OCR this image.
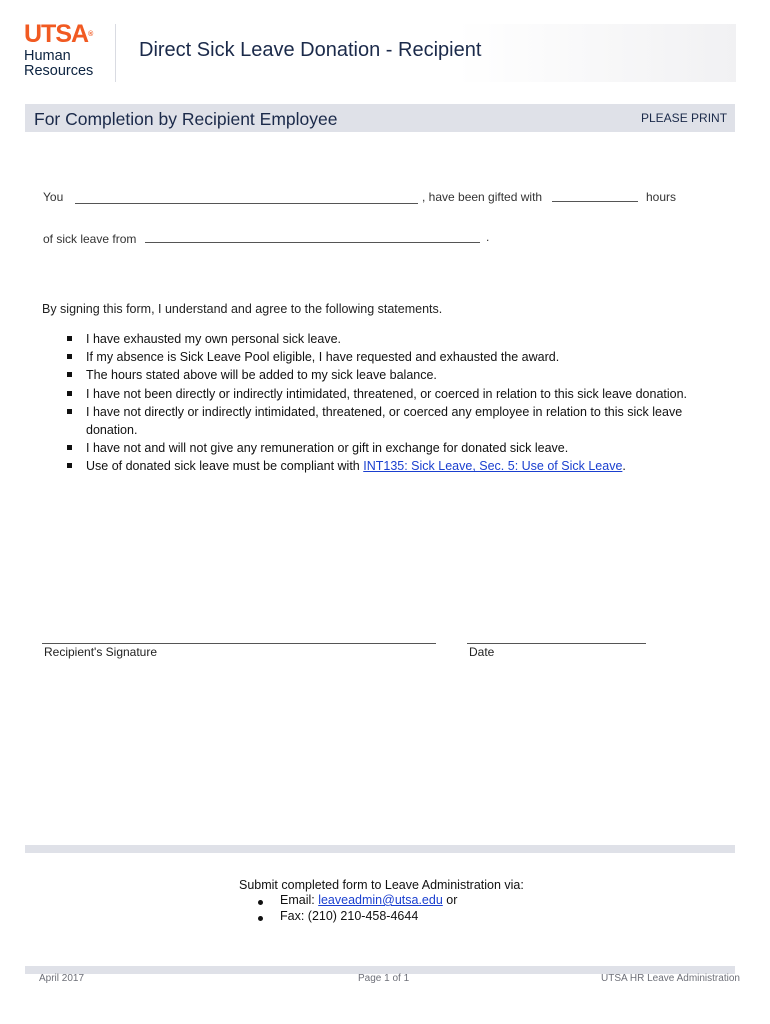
UTSA®
Human
Resources
Direct Sick Leave Donation - Recipient
For Completion by Recipient Employee	PLEASE PRINT
You	, have been gifted with	hours
of sick leave from	.
By signing this form, I understand and agree to the following statements.
I have exhausted my own personal sick leave.
If my absence is Sick Leave Pool eligible, I have requested and exhausted the award.
The hours stated above will be added to my sick leave balance.
I have not been directly or indirectly intimidated, threatened, or coerced in relation to this sick leave donation.
I have not directly or indirectly intimidated, threatened, or coerced any employee in relation to this sick leave donation.
I have not and will not give any remuneration or gift in exchange for donated sick leave.
Use of donated sick leave must be compliant with INT135: Sick Leave, Sec. 5: Use of Sick Leave.
Recipient's Signature	Date
Submit completed form to Leave Administration via:
Email: leaveadmin@utsa.edu or
Fax: (210) 210-458-4644
April 2017	Page 1 of 1	UTSA HR Leave Administration
